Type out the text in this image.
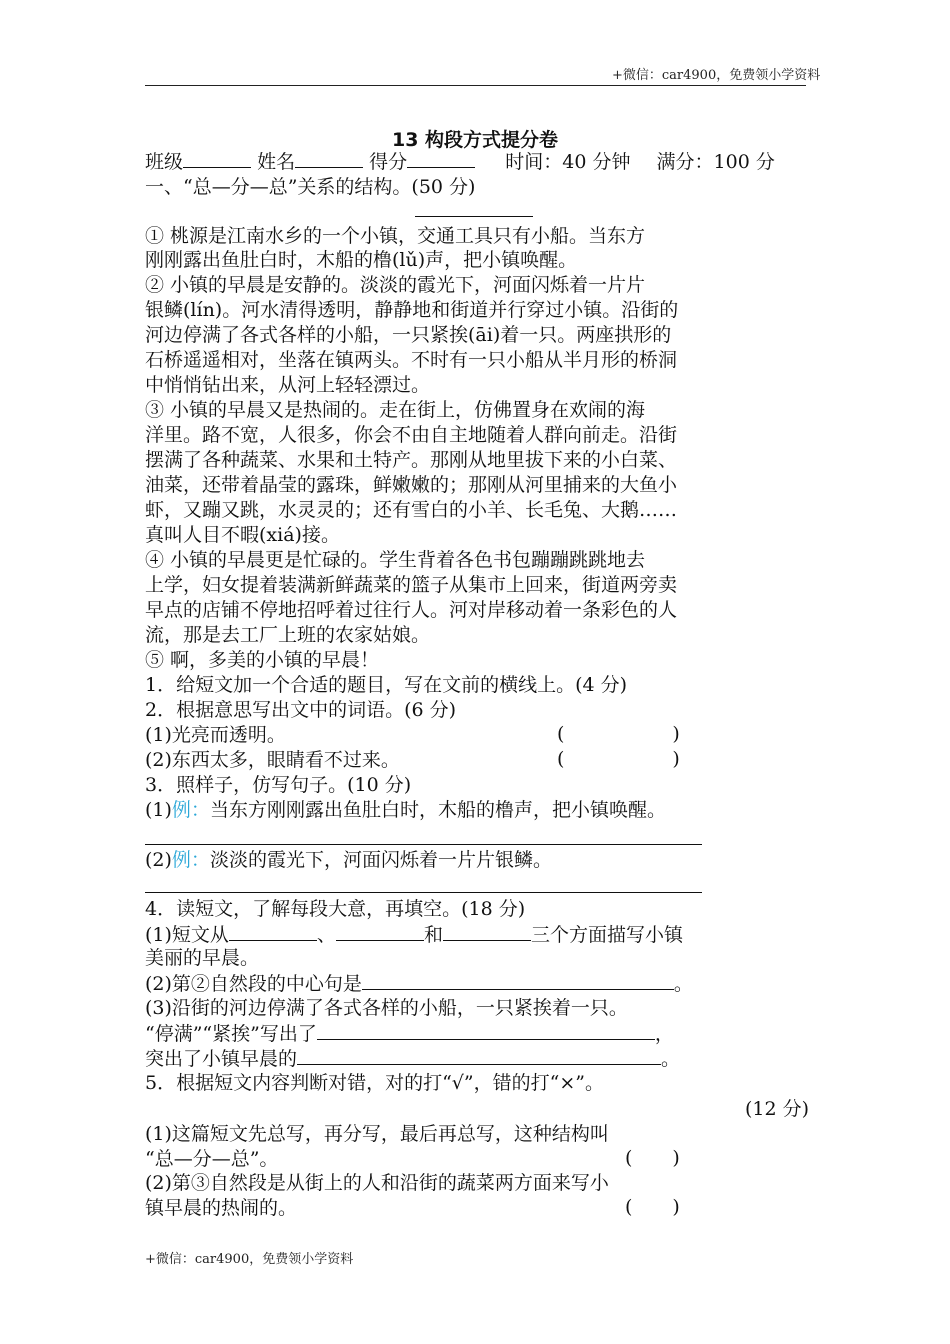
+微信：car4900，免费领小学资料
13 构段方式提分卷
班级	姓名	得分	时间：40 分钟 满分：100 分
一、“总—分—总”关系的结构。(50 分)
① 桃源是江南水乡的一个小镇，交通工具只有小船。当东方
刚刚露出鱼肚白时，木船的橹(lǔ)声，把小镇唤醒。
② 小镇的早晨是安静的。淡淡的霞光下，河面闪烁着一片片
银鳞(lín)。河水清得透明，静静地和街道并行穿过小镇。沿街的
河边停满了各式各样的小船，一只紧挨(āi)着一只。两座拱形的
石桥遥遥相对，坐落在镇两头。不时有一只小船从半月形的桥洞
中悄悄钻出来，从河上轻轻漂过。
③ 小镇的早晨又是热闹的。走在街上，仿佛置身在欢闹的海
洋里。路不宽，人很多，你会不由自主地随着人群向前走。沿街
摆满了各种蔬菜、水果和土特产。那刚从地里拔下来的小白菜、
油菜，还带着晶莹的露珠，鲜嫩嫩的；那刚从河里捕来的大鱼小
虾，又蹦又跳，水灵灵的；还有雪白的小羊、长毛兔、大鹅……
真叫人目不暇(xiá)接。
④ 小镇的早晨更是忙碌的。学生背着各色书包蹦蹦跳跳地去
上学，妇女提着装满新鲜蔬菜的篮子从集市上回来，街道两旁卖
早点的店铺不停地招呼着过往行人。河对岸移动着一条彩色的人
流，那是去工厂上班的农家姑娘。
⑤ 啊，多美的小镇的早晨！
1．给短文加一个合适的题目，写在文前的横线上。(4 分)
2．根据意思写出文中的词语。(6 分)
(1)光亮而透明。	(	)
(2)东西太多，眼睛看不过来。	(	)
3．照样子，仿写句子。(10 分)
(1)例：当东方刚刚露出鱼肚白时，木船的橹声，把小镇唤醒。
(2)例：淡淡的霞光下，河面闪烁着一片片银鳞。
4．读短文，了解每段大意，再填空。(18 分)
(1)短文从	、	和	三个方面描写小镇
美丽的早晨。
(2)第②自然段的中心句是	。
(3)沿街的河边停满了各式各样的小船，一只紧挨着一只。
“停满”“紧挨”写出了	，
突出了小镇早晨的	。
5．根据短文内容判断对错，对的打“√”，错的打“×”。
(12 分)
(1)这篇短文先总写，再分写，最后再总写，这种结构叫
“总—分—总”。	( )
(2)第③自然段是从街上的人和沿街的蔬菜两方面来写小
镇早晨的热闹的。	( )
+微信：car4900，免费领小学资料
